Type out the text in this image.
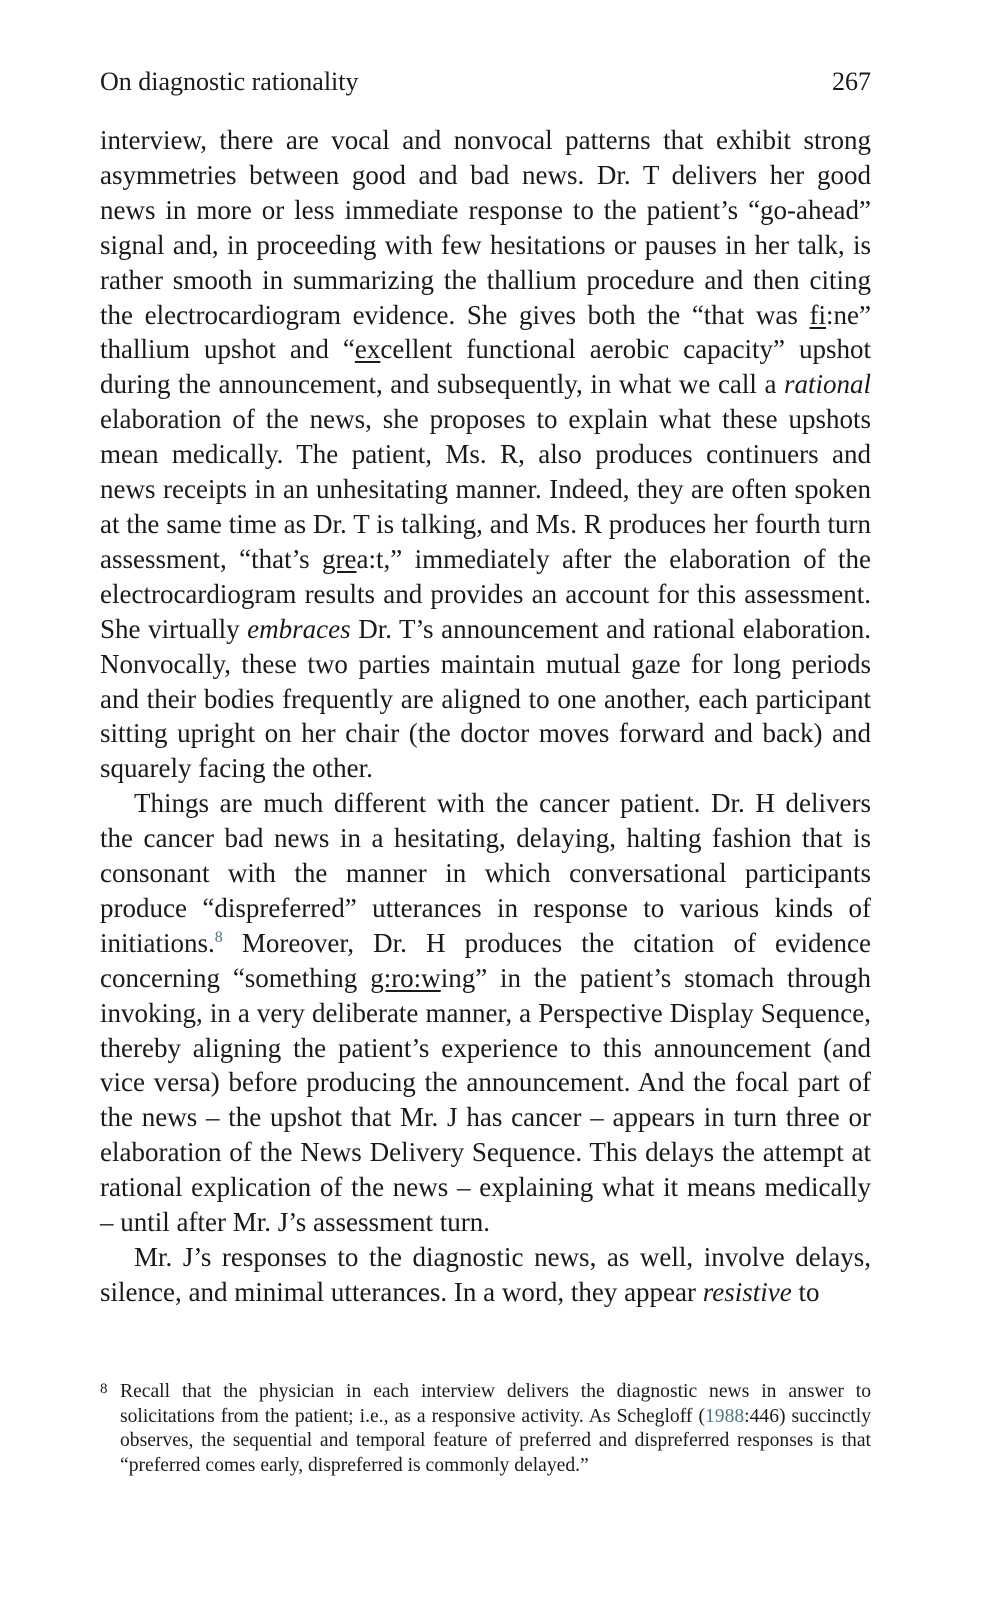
On diagnostic rationality	267

interview, there are vocal and nonvocal patterns that exhibit strong asymmetries between good and bad news. Dr. T delivers her good news in more or less immediate response to the patient’s “go-ahead” signal and, in proceeding with few hesitations or pauses in her talk, is rather smooth in summarizing the thallium procedure and then citing the electrocardiogram evidence. She gives both the “that was fi:ne” thallium upshot and “excellent functional aerobic capacity” upshot during the announcement, and subsequently, in what we call a rational elaboration of the news, she proposes to explain what these upshots mean medically. The patient, Ms. R, also produces continuers and news receipts in an unhesitating manner. Indeed, they are often spoken at the same time as Dr. T is talking, and Ms. R produces her fourth turn assessment, “that’s grea:t,” immediately after the elaboration of the electrocardiogram results and provides an account for this assessment. She virtually embraces Dr. T’s announcement and rational elaboration. Nonvocally, these two parties maintain mutual gaze for long periods and their bodies frequently are aligned to one another, each participant sitting upright on her chair (the doctor moves forward and back) and squarely facing the other.

Things are much different with the cancer patient. Dr. H delivers the cancer bad news in a hesitating, delaying, halting fashion that is consonant with the manner in which conversational participants produce “dispreferred” utterances in response to various kinds of initiations.$^8$ Moreover, Dr. H produces the citation of evidence concerning “something g:ro:wing” in the patient’s stomach through invoking, in a very deliberate manner, a Perspective Display Sequence, thereby aligning the patient’s experience to this announcement (and vice versa) before producing the announcement. And the focal part of the news – the upshot that Mr. J has cancer – appears in turn three or elaboration of the News Delivery Sequence. This delays the attempt at rational explication of the news – explaining what it means medically – until after Mr. J’s assessment turn.

Mr. J’s responses to the diagnostic news, as well, involve delays, silence, and minimal utterances. In a word, they appear resistive to

8 Recall that the physician in each interview delivers the diagnostic news in answer to solicitations from the patient; i.e., as a responsive activity. As Schegloff (1988:446) succinctly observes, the sequential and temporal feature of preferred and dispreferred responses is that “preferred comes early, dispreferred is commonly delayed.”
